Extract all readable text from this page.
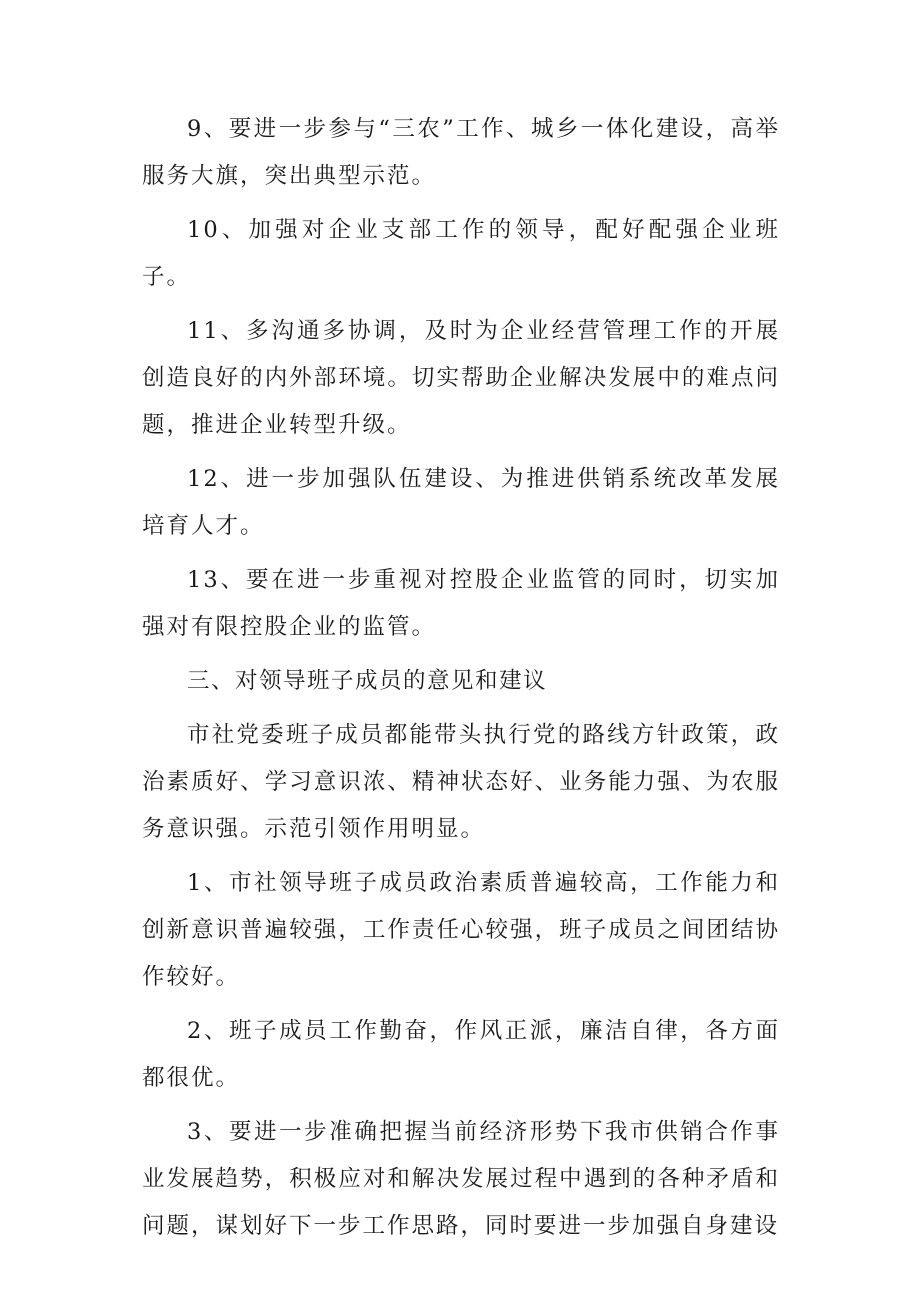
9、要进一步参与“三农”工作、城乡一体化建设，高举服务大旗，突出典型示范。

10、加强对企业支部工作的领导，配好配强企业班子。

11、多沟通多协调，及时为企业经营管理工作的开展创造良好的内外部环境。切实帮助企业解决发展中的难点问题，推进企业转型升级。

12、进一步加强队伍建设、为推进供销系统改革发展培育人才。

13、要在进一步重视对控股企业监管的同时，切实加强对有限控股企业的监管。

三、对领导班子成员的意见和建议

市社党委班子成员都能带头执行党的路线方针政策，政治素质好、学习意识浓、精神状态好、业务能力强、为农服务意识强。示范引领作用明显。

1、市社领导班子成员政治素质普遍较高，工作能力和创新意识普遍较强，工作责任心较强，班子成员之间团结协作较好。

2、班子成员工作勤奋，作风正派，廉洁自律，各方面都很优。

3、要进一步准确把握当前经济形势下我市供销合作事业发展趋势，积极应对和解决发展过程中遇到的各种矛盾和问题，谋划好下一步工作思路，同时要进一步加强自身建设
